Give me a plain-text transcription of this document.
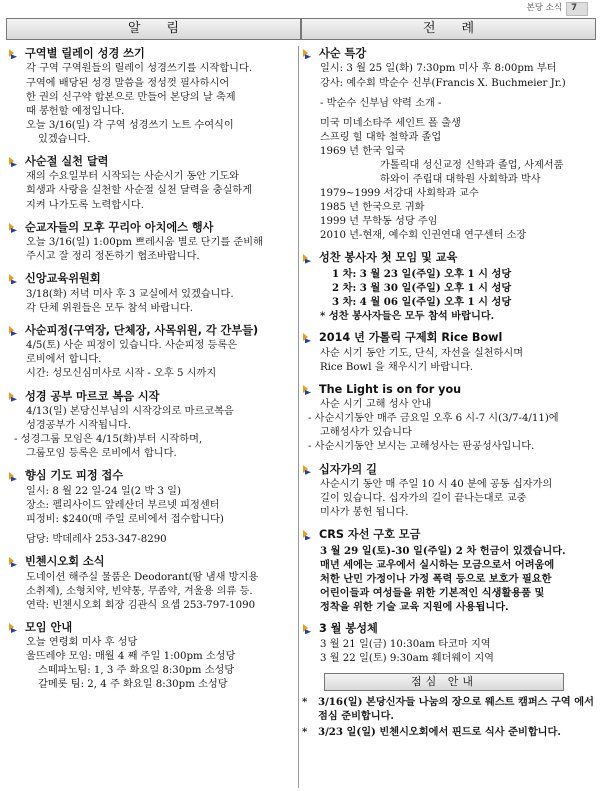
본당 소식	7
알림	전례
구역별 릴레이 성경 쓰기
각 구역 구역원들의 릴레이 성경쓰기를 시작합니다.
구역에 배당된 성경 말씀을 정성껏 필사하시어
한 권의 신구약 합본으로 만들어 본당의 날 축제
때 봉헌할 예정입니다.
오늘 3/16(일) 각 구역 성경쓰기 노트 수여식이
있겠습니다.
사순절 실천 달력
재의 수요일부터 시작되는 사순시기 동안 기도와
희생과 사랑을 실천할 사순절 실천 달력을 충실하게
지켜 나가도록 노력합시다.
순교자들의 모후 꾸리아 아치에스 행사
오늘 3/16(일) 1:00pm 쁘레시움 별로 단기를 준비해
주시고 잘 정리 정돈하기 협조바랍니다.
신앙교육위원회
3/18(화) 저녁 미사 후 3 교실에서 있겠습니다.
각 단체 위원들은 모두 참석 바랍니다.
사순피정(구역장, 단체장, 사목위원, 각 간부들)
4/5(토) 사순 피정이 있습니다. 사순피정 등록은
로비에서 합니다.
시간: 성모신심미사로 시작 - 오후 5 시까지
성경 공부 마르코 복음 시작
4/13(일) 본당신부님의 시작강의로 마르코복음
성경공부가 시작됩니다.
- 성경그룹 모임은 4/15(화)부터 시작하며,
그룹모임 등록은 로비에서 합니다.
향심 기도 피정 접수
일시: 8 월 22 일-24 일(2 박 3 일)
장소: 펠리사이드 앞레산더 부르넷 피정센터
피정비: $240(매 주일 로비에서 접수합니다)
담당: 박데레사 253-347-8290
빈첸시오회 소식
도네이션 해주실 물품은 Deodorant(땀 냄새 방지용
소취제), 소형치약, 빈약통, 무좀약, 겨울용 의류 등.
연락: 빈첸시오회 회장 김관식 요셉 253-797-1090
모임 안내
오늘 연령회 미사 후 성당
울뜨레야 모임: 매월 4 째 주일 1:00pm 소성당
스떼파노팀: 1, 3 주 화요일 8:30pm 소성당
갈메롯 팀: 2, 4 주 화요일 8:30pm 소성당
사순 특강
일시: 3 월 25 일(화) 7:30pm 미사 후 8:00pm 부터
강사: 예수회 박순수 신부(Francis X. Buchmeier Jr.)
- 박순수 신부님 약력 소개 -
미국 미네소타주 세인트 폴 출생
스프링 힐 대학 철학과 졸업
1969 년 한국 입국
가톨릭대 성신교정 신학과 졸업, 사제서품
하와이 주립대 대학원 사회학과 박사
1979~1999 서강대 사회학과 교수
1985 년 한국으로 귀화
1999 년 무학동 성당 주임
2010 년-현재, 예수회 인권연대 연구센터 소장
성찬 봉사자 첫 모임 및 교육
1 차: 3 월 23 일(주일) 오후 1 시 성당
2 차: 3 월 30 일(주일) 오후 1 시 성당
3 차: 4 월 06 일(주일) 오후 1 시 성당
* 성찬 봉사자들은 모두 참석 바랍니다.
2014 년 가톨릭 구제회 Rice Bowl
사순 시기 동안 기도, 단식, 자선을 실천하시며
Rice Bowl 을 채우시기 바랍니다.
The Light is on for you
사순 시기 고해 성사 안내
- 사순시기동안 매주 금요일 오후 6 시-7 시(3/7-4/11)에
고해성사가 있습니다
- 사순시기동안 보시는 고해성사는 판공성사입니다.
십자가의 길
사순시기 동안 매 주일 10 시 40 분에 공동 십자가의
길이 있습니다. 십자가의 길이 끝나는대로 교중
미사가 봉헌 됩니다.
CRS 자선 구호 모금
3 월 29 일(토)-30 일(주일) 2 차 헌금이 있겠습니다.
매년 세에는 교우에서 실시하는 모금으로서 어려움에
처한 난민 가정이나 가정 폭력 등으로 보호가 필요한
어린이들과 여성들을 위한 기본적인 식생활용품 및
정착을 위한 기술 교육 지원에 사용됩니다.
3 월 봉성체
3 월 21 일(금) 10:30am 타코마 지역
3 월 22 일(토) 9:30am 훼더웨이 지역
점심 안내
* 3/16(일) 본당신자들 나눔의 장으로 웨스트 캠퍼스 구역 에서 점심 준비합니다.
* 3/23 일(일) 빈첸시오회에서 핀드로 식사 준비합니다.
